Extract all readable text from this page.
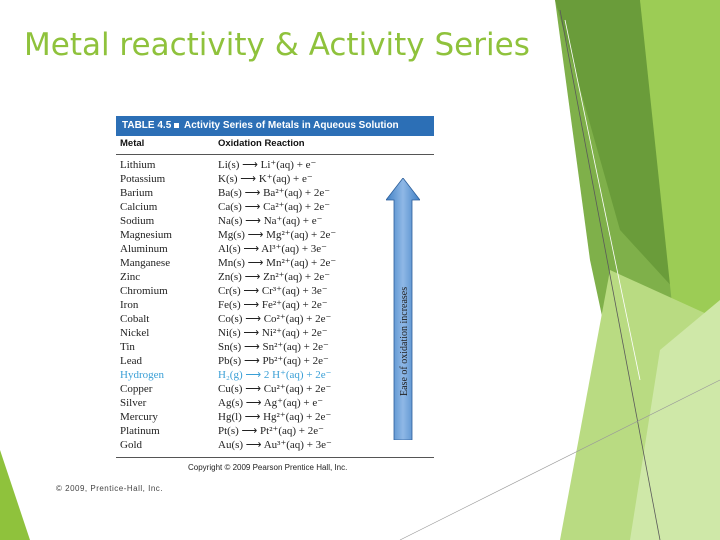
Metal reactivity & Activity Series
TABLE 4.5 Activity Series of Metals in Aqueous Solution
Metal	Oxidation Reaction
Lithium	Li(s) ⟶ Li⁺(aq) + e⁻
Potassium	K(s) ⟶ K⁺(aq) + e⁻
Barium	Ba(s) ⟶ Ba²⁺(aq) + 2e⁻
Calcium	Ca(s) ⟶ Ca²⁺(aq) + 2e⁻
Sodium	Na(s) ⟶ Na⁺(aq) + e⁻
Magnesium	Mg(s) ⟶ Mg²⁺(aq) + 2e⁻
Aluminum	Al(s) ⟶ Al³⁺(aq) + 3e⁻
Manganese	Mn(s) ⟶ Mn²⁺(aq) + 2e⁻
Zinc	Zn(s) ⟶ Zn²⁺(aq) + 2e⁻
Chromium	Cr(s) ⟶ Cr³⁺(aq) + 3e⁻
Iron	Fe(s) ⟶ Fe²⁺(aq) + 2e⁻
Cobalt	Co(s) ⟶ Co²⁺(aq) + 2e⁻
Nickel	Ni(s) ⟶ Ni²⁺(aq) + 2e⁻
Tin	Sn(s) ⟶ Sn²⁺(aq) + 2e⁻
Lead	Pb(s) ⟶ Pb²⁺(aq) + 2e⁻
Hydrogen	H₂(g) ⟶ 2 H⁺(aq) + 2e⁻
Copper	Cu(s) ⟶ Cu²⁺(aq) + 2e⁻
Silver	Ag(s) ⟶ Ag⁺(aq) + e⁻
Mercury	Hg(l) ⟶ Hg²⁺(aq) + 2e⁻
Platinum	Pt(s) ⟶ Pt²⁺(aq) + 2e⁻
Gold	Au(s) ⟶ Au³⁺(aq) + 3e⁻
Ease of oxidation increases
Copyright © 2009 Pearson Prentice Hall, Inc.
© 2009, Prentice-Hall, Inc.
